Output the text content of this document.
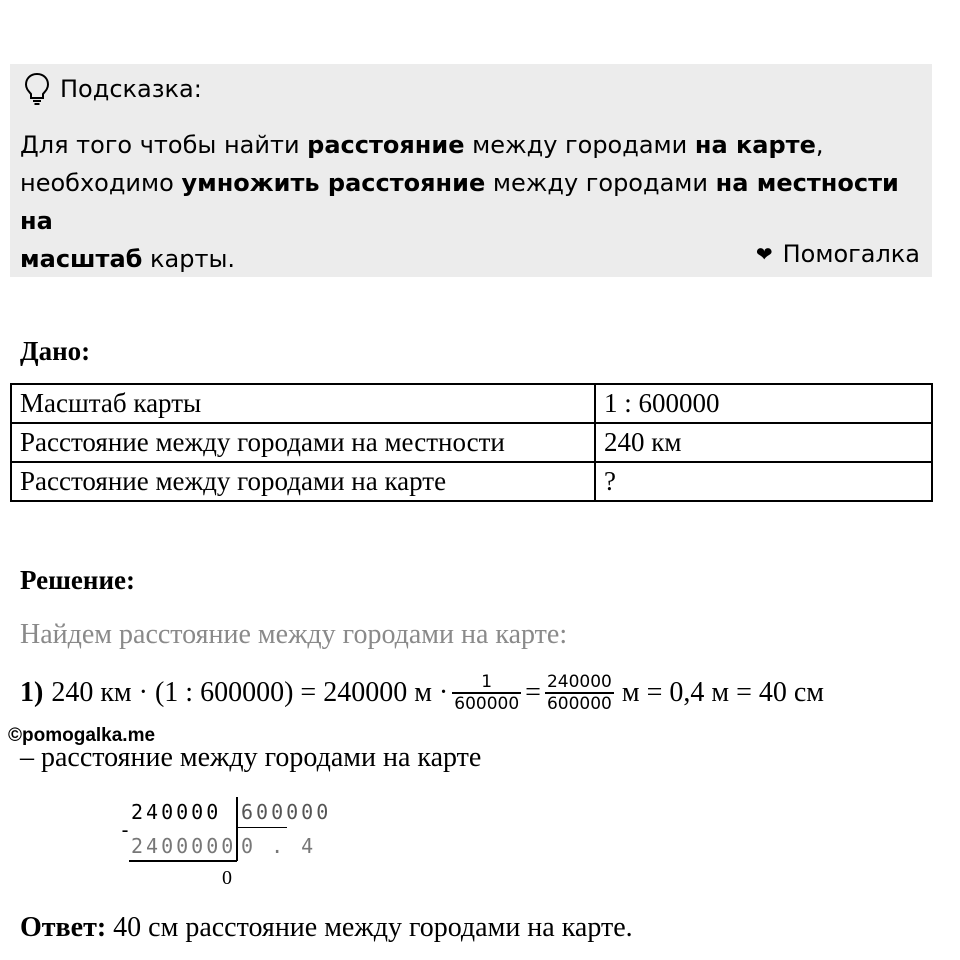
Подсказка:
Для того чтобы найти расстояние между городами на карте,
необходимо умножить расстояние между городами на местности на
масштаб карты.	❤ Помогалка
Дано:
Масштаб карты	1 : 600000
Расстояние между городами на местности	240 км
Расстояние между городами на карте	?
Решение:
Найдем расстояние между городами на карте:
1) 240 км · (1 : 600000) = 240000 $м \cdot \frac{1}{600000} = \frac{240000}{600000}$ м = 0,4 м = 40 см
©pomogalka.me
– расстояние между городами на карте
240000 600000
-
2400000 0 . 4
0
Ответ: 40 см расстояние между городами на карте.
